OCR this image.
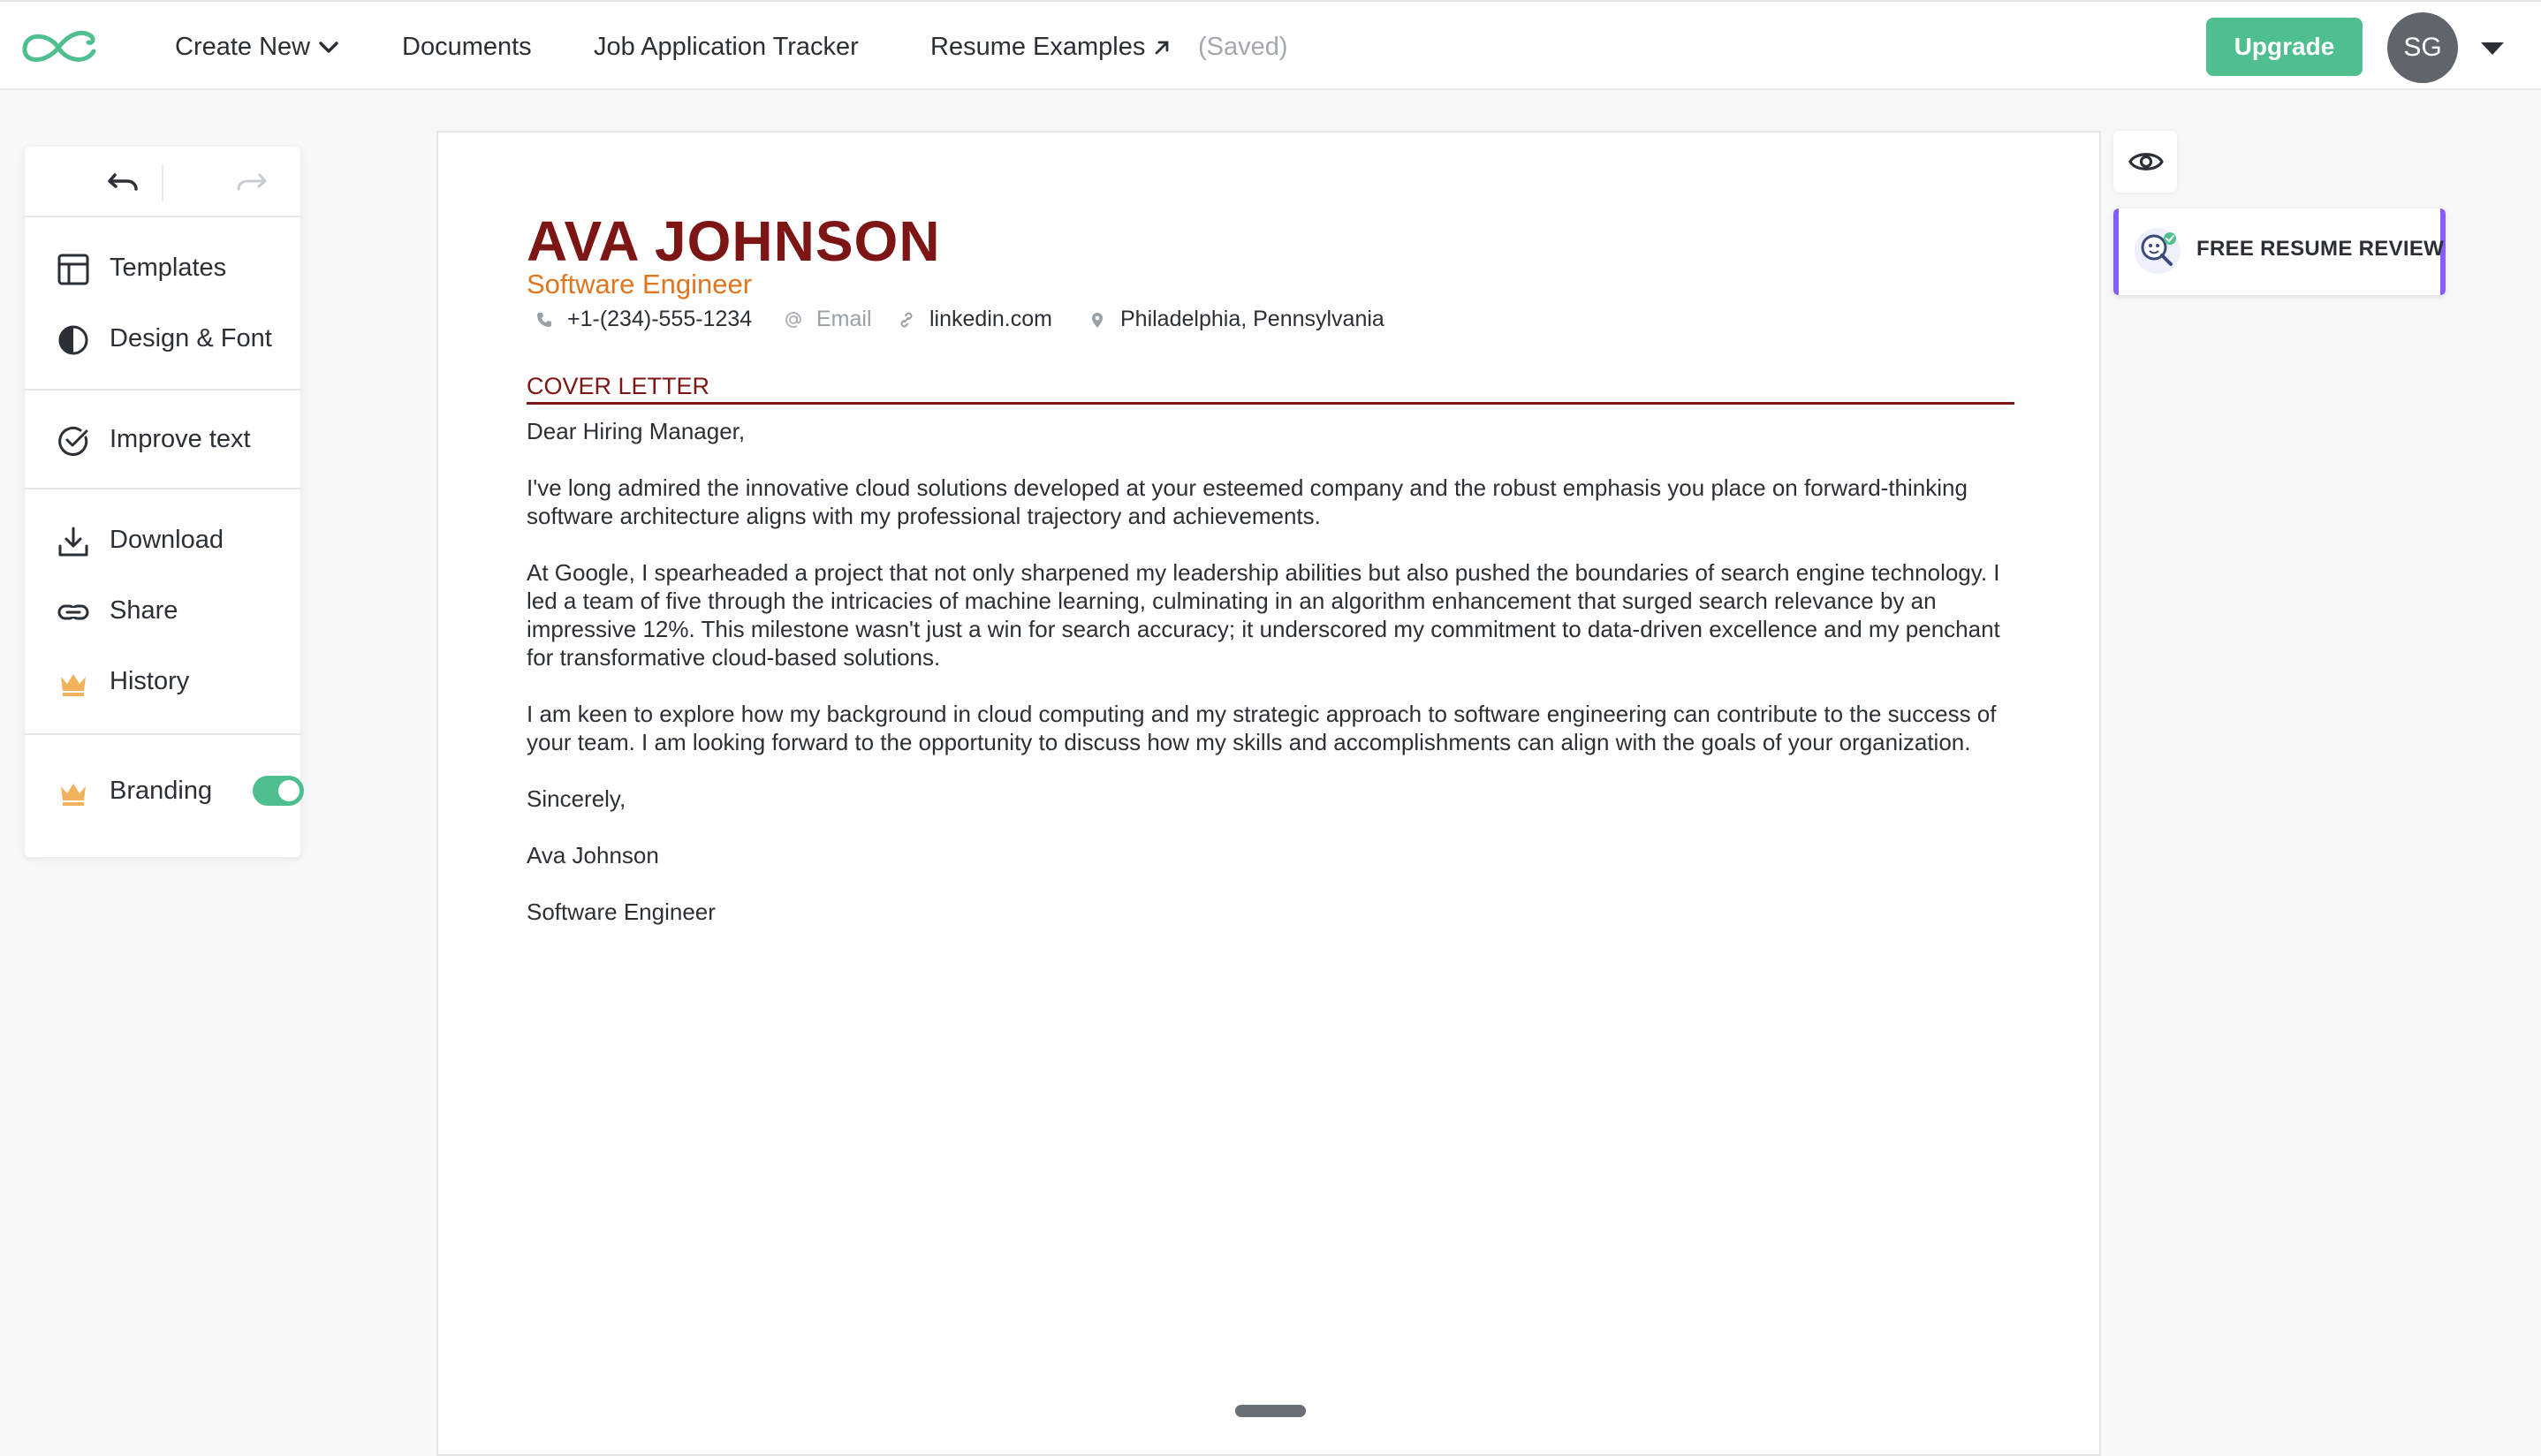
Create New	Documents Job Application Tracker	Resume Examples	(Saved)	Upgrade	SG
Templates
Design & Font
Improve text
Download
Share
History
Branding
AVA JOHNSON
Software Engineer
+1-(234)-555-1234	Email	linkedin.com	Philadelphia, Pennsylvania
COVER LETTER

Dear Hiring Manager,

I've long admired the innovative cloud solutions developed at your esteemed company and the robust emphasis you place on forward-thinking software architecture aligns with my professional trajectory and achievements.

At Google, I spearheaded a project that not only sharpened my leadership abilities but also pushed the boundaries of search engine technology. I led a team of five through the intricacies of machine learning, culminating in an algorithm enhancement that surged search relevance by an impressive 12%. This milestone wasn't just a win for search accuracy; it underscored my commitment to data-driven excellence and my penchant for transformative cloud-based solutions.

I am keen to explore how my background in cloud computing and my strategic approach to software engineering can contribute to the success of your team. I am looking forward to the opportunity to discuss how my skills and accomplishments can align with the goals of your organization.

Sincerely,

Ava Johnson

Software Engineer

FREE RESUME REVIEW
